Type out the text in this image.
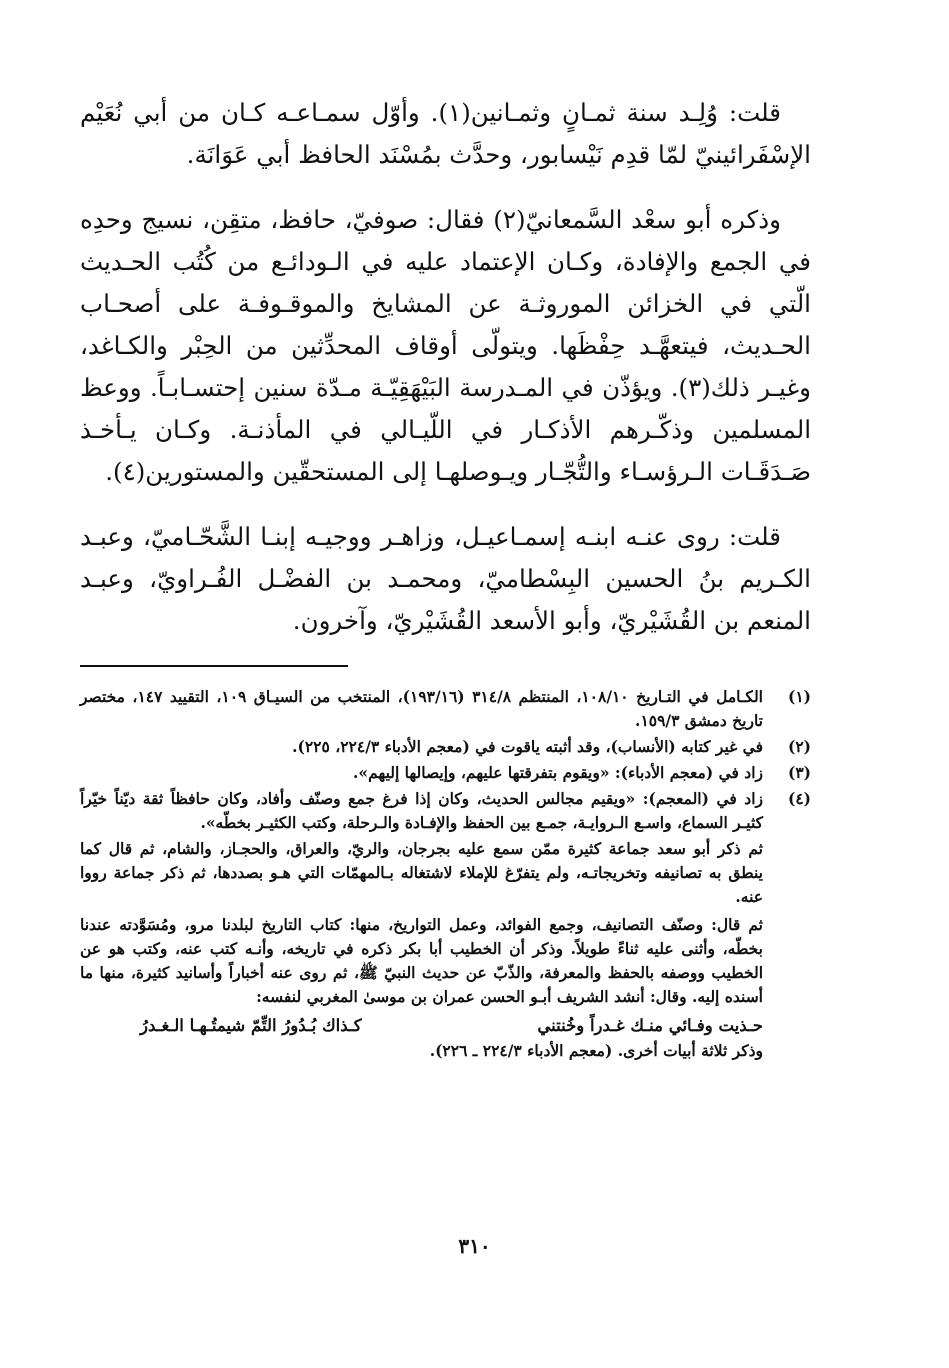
قلت: وُلِـد سنة ثمـانٍ وثمـانين(١). وأوّل سمـاعـه كـان من أبي نُعَيْم الإسْفَرائينيّ لمّا قدِم نَيْسابور، وحدَّث بمُسْنَد الحافظ أبي عَوَانَة.

وذكره أبو سعْد السَّمعانيّ(٢) فقال: صوفيّ، حافظ، متقِن، نسيج وحدِه في الجمع والإفادة، وكـان الإعتماد عليه في الـودائـع من كُتُب الحـديث الّتي في الخزائن الموروثـة عن المشايخ والموقـوفـة على أصحـاب الحـديث، فيتعهَّـد حِفْظَها. ويتولّى أوقاف المحدِّثين من الحِبْر والكـاغد، وغيـر ذلك(٣). ويؤذّن في المـدرسة البَيْهَقِيّـة مـدّة سنين إحتسـابـاً. ووعظ المسلمين وذكّـرهم الأذكـار في اللّيـالي في المأذنـة. وكـان يـأخـذ صَـدَقَـات الـرؤسـاء والتُّجّـار ويـوصلهـا إلى المستحقّين والمستورين(٤).

قلت: روى عنـه ابنـه إسمـاعيـل، وزاهـر ووجيـه إبنـا الشَّحّـاميّ، وعبـد الكـريم بنُ الحسين البِسْطاميّ، ومحمـد بن الفضْـل الفُـراويّ، وعبـد المنعم بن القُشَيْريّ، وأبو الأسعد القُشَيْريّ، وآخرون.

(١)
الكـامل في التـاريخ ١٠٨/١٠، المنتظم ٣١٤/٨ (١٩٣/١٦)، المنتخب من السيـاق ١٠٩، التقييد ١٤٧، مختصر تاريخ دمشق ١٥٩/٣.
(٢)
في غير كتابه (الأنساب)، وقد أثبته ياقوت في (معجم الأدباء ٢٢٤/٣، ٢٢٥).
(٣)
زاد في (معجم الأدباء): «ويقوم بتفرقتها عليهم، وإيصالها إليهم».
(٤)
زاد في (المعجم): «ويقيم مجالس الحديث، وكان إذا فرغ جمع وصنّف وأفاد، وكان حافظاً ثقة ديّناً خيّراً كثيـر السماع، واسـع الـروايـة، جمـع بين الحفظ والإفـادة والـرحلة، وكتب الكثيـر بخطّه».
ثم ذكر أبو سعد جماعة كثيرة ممّن سمع عليه بجرجان، والريّ، والعراق، والحجـاز، والشام، ثم قال كما ينطق به تصانيفه وتخريجاتـه، ولم يتفرّغ للإملاء لاشتغاله بـالمهمّات التي هـو بصددها، ثم ذكر جماعة رووا عنه.
ثم قال: وصنّف التصانيف، وجمع الفوائد، وعمل التواريخ، منها: كتاب التاريخ لبلدنا مرو، ومُسَوَّدته عندنا بخطّه، وأثنى عليه ثناءً طويلاً. وذكر أن الخطيب أبا بكر ذكره في تاريخه، وأنـه كتب عنه، وكتب هو عن الخطيب ووصفه بالحفظ والمعرفة، والذّبّ عن حديث النبيّ ﷺ، ثم روى عنه أخباراً وأسانيد كثيرة، منها ما أسنده إليه. وقال: أنشد الشريف أبـو الحسن عمران بن موسىٰ المغربي لنفسه:
حـذيت وفـائي منـك غـدراً وخُنتني
كـذاك بُـدُورُ التِّمّ شيمتُـهـا الـغـدرُ
وذكر ثلاثة أبيات أخرى. (معجم الأدباء ٢٢٤/٣ ـ ٢٢٦).
٣١٠
